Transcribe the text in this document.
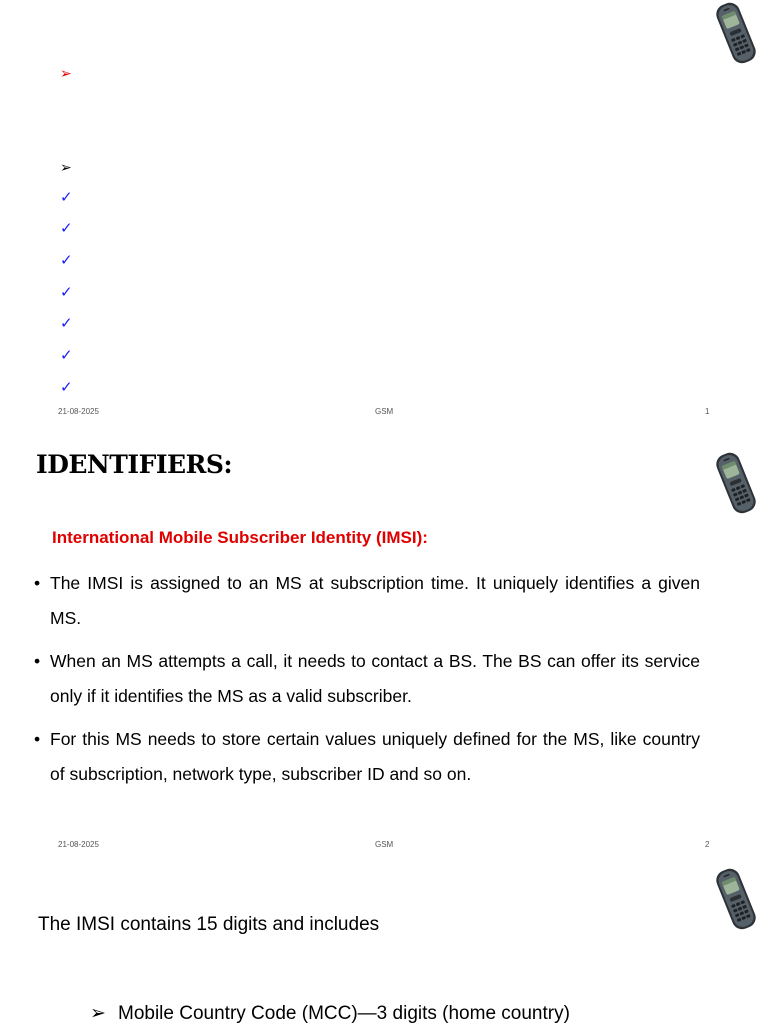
➢
➢
✓
✓
✓
✓
✓
✓
✓
21-08-2025	GSM	1
IDENTIFIERS:
International Mobile Subscriber Identity (IMSI):
• The IMSI is assigned to an MS at subscription time. It uniquely identifies a given MS.
• When an MS attempts a call, it needs to contact a BS. The BS can offer its service only if it identifies the MS as a valid subscriber.
• For this MS needs to store certain values uniquely defined for the MS, like country of subscription, network type, subscriber ID and so on.
21-08-2025	GSM	2
The IMSI contains 15 digits and includes
➢ Mobile Country Code (MCC)—3 digits (home country)
